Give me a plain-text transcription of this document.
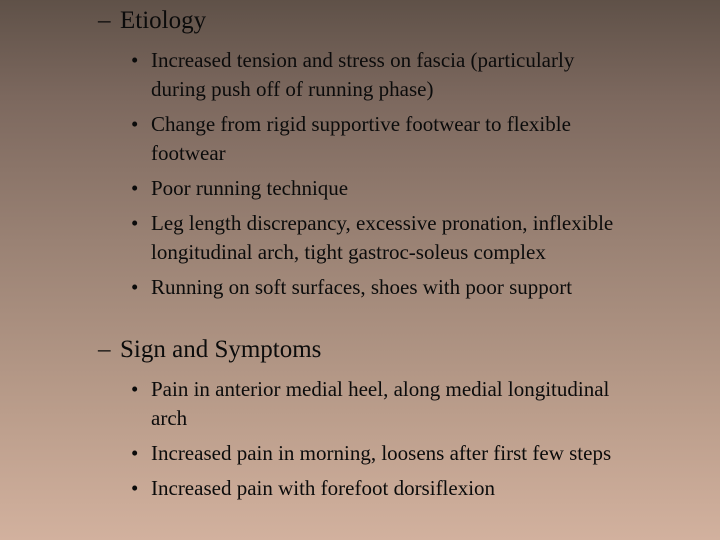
– Etiology
• Increased tension and stress on fascia (particularly during push off of running phase)
• Change from rigid supportive footwear to flexible footwear
• Poor running technique
• Leg length discrepancy, excessive pronation, inflexible longitudinal arch, tight gastroc-soleus complex
• Running on soft surfaces, shoes with poor support
– Sign and Symptoms
• Pain in anterior medial heel, along medial longitudinal arch
• Increased pain in morning, loosens after first few steps
• Increased pain with forefoot dorsiflexion
